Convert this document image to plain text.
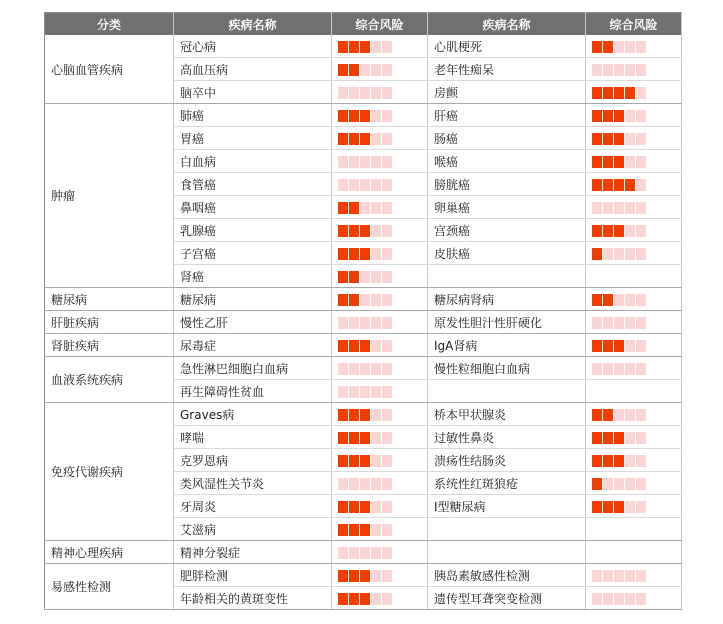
分类	疾病名称	综合风险	疾病名称	综合风险
心脑血管疾病	冠心病		心肌梗死	

	高血压病		老年性痴呆	

	脑卒中		房颤	

肿瘤	肺癌		肝癌	

	胃癌		肠癌	

	白血病		喉癌	

	食管癌		膀胱癌	

	鼻咽癌		卵巢癌	

	乳腺癌		宫颈癌	

	子宫癌		皮肤癌	

	肾癌	

糖尿病	糖尿病		糖尿病肾病	

肝脏疾病	慢性乙肝		原发性胆汁性肝硬化	

肾脏疾病	尿毒症		IgA肾病	

血液系统疾病	急性淋巴细胞白血病		慢性粒细胞白血病	

	再生障碍性贫血	

免疫代谢疾病	Graves病		桥本甲状腺炎	

	哮喘		过敏性鼻炎	

	克罗恩病		溃疡性结肠炎	

	类风湿性关节炎		系统性红斑狼疮	

	牙周炎		I型糖尿病	

	艾滋病	

精神心理疾病	精神分裂症	

易感性检测	肥胖检测		胰岛素敏感性检测	

	年龄相关的黄斑变性		遗传型耳聋突变检测	
